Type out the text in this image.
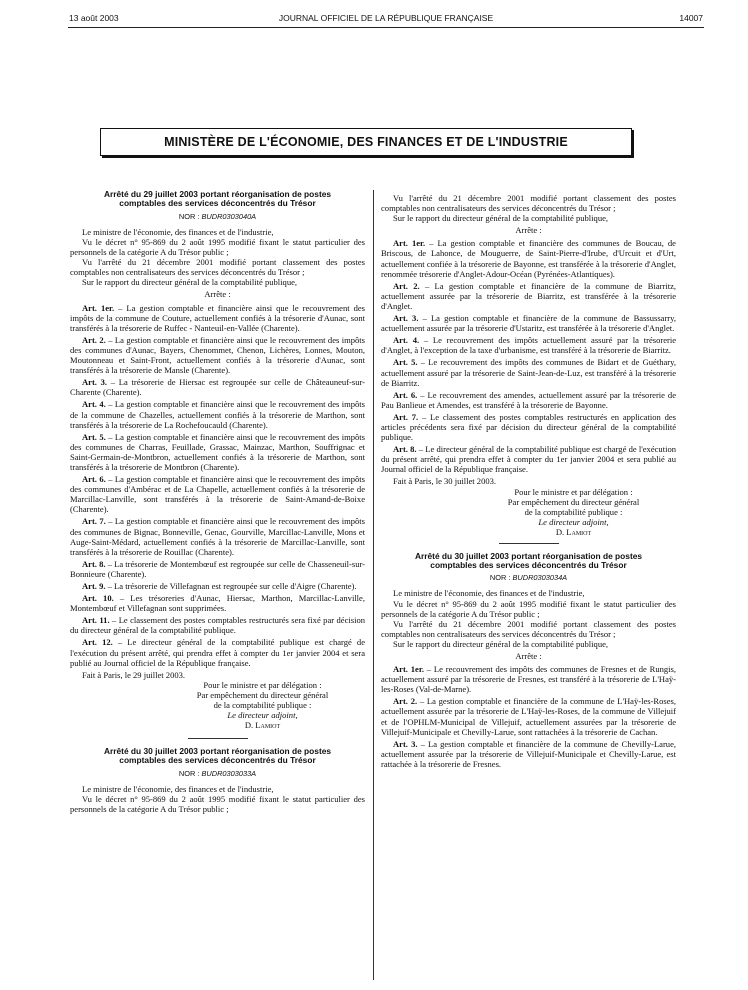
13 août 2003	JOURNAL OFFICIEL DE LA RÉPUBLIQUE FRANÇAISE	14007
MINISTÈRE DE L'ÉCONOMIE, DES FINANCES ET DE L'INDUSTRIE
Arrêté du 29 juillet 2003 portant réorganisation de postes comptables des services déconcentrés du Trésor
NOR : BUDR0303040A

Le ministre de l'économie, des finances et de l'industrie,

Vu le décret n° 95-869 du 2 août 1995 modifié fixant le statut particulier des personnels de la catégorie A du Trésor public ;

Vu l'arrêté du 21 décembre 2001 modifié portant classement des postes comptables non centralisateurs des services déconcentrés du Trésor ;

Sur le rapport du directeur général de la comptabilité publique,

Arrête :

Art. 1er. – La gestion comptable et financière ainsi que le recouvrement des impôts de la commune de Couture, actuellement confiés à la trésorerie d'Aunac, sont transférés à la trésorerie de Ruffec - Nanteuil-en-Vallée (Charente).

Art. 2. – La gestion comptable et financière ainsi que le recouvrement des impôts des communes d'Aunac, Bayers, Chenommet, Chenon, Lichères, Lonnes, Mouton, Moutonneau et Saint-Front, actuellement confiés à la trésorerie d'Aunac, sont transférés à la trésorerie de Mansle (Charente).

Art. 3. – La trésorerie de Hiersac est regroupée sur celle de Châteauneuf-sur-Charente (Charente).

Art. 4. – La gestion comptable et financière ainsi que le recouvrement des impôts de la commune de Chazelles, actuellement confiés à la trésorerie de Marthon, sont transférés à la trésorerie de La Rochefoucauld (Charente).

Art. 5. – La gestion comptable et financière ainsi que le recouvrement des impôts des communes de Charras, Feuillade, Grassac, Mainzac, Marthon, Souffrignac et Saint-Germain-de-Montbron, actuellement confiés à la trésorerie de Marthon, sont transférés à la trésorerie de Montbron (Charente).

Art. 6. – La gestion comptable et financière ainsi que le recouvrement des impôts des communes d'Ambérac et de La Chapelle, actuellement confiés à la trésorerie de Marcillac-Lanville, sont transférés à la trésorerie de Saint-Amand-de-Boixe (Charente).

Art. 7. – La gestion comptable et financière ainsi que le recouvrement des impôts des communes de Bignac, Bonneville, Genac, Gourville, Marcillac-Lanville, Mons et Auge-Saint-Médard, actuellement confiés à la trésorerie de Marcillac-Lanville, sont transférés à la trésorerie de Rouillac (Charente).

Art. 8. – La trésorerie de Montembœuf est regroupée sur celle de Chasseneuil-sur-Bonnieure (Charente).

Art. 9. – La trésorerie de Villefagnan est regroupée sur celle d'Aigre (Charente).

Art. 10. – Les trésoreries d'Aunac, Hiersac, Marthon, Marcillac-Lanville, Montembœuf et Villefagnan sont supprimées.

Art. 11. – Le classement des postes comptables restructurés sera fixé par décision du directeur général de la comptabilité publique.

Art. 12. – Le directeur général de la comptabilité publique est chargé de l'exécution du présent arrêté, qui prendra effet à compter du 1er janvier 2004 et sera publié au Journal officiel de la République française.

Fait à Paris, le 29 juillet 2003.

Pour le ministre et par délégation :

Par empêchement du directeur général

de la comptabilité publique :

Le directeur adjoint,

D. Lamiot

Arrêté du 30 juillet 2003 portant réorganisation de postes comptables des services déconcentrés du Trésor
NOR : BUDR0303033A

Le ministre de l'économie, des finances et de l'industrie,

Vu le décret n° 95-869 du 2 août 1995 modifié fixant le statut particulier des personnels de la catégorie A du Trésor public ;

Vu l'arrêté du 21 décembre 2001 modifié portant classement des postes comptables non centralisateurs des services déconcentrés du Trésor ;

Sur le rapport du directeur général de la comptabilité publique,

Arrête :

Art. 1er. – La gestion comptable et financière des communes de Boucau, de Briscous, de Lahonce, de Mouguerre, de Saint-Pierre-d'Irube, d'Urcuit et d'Urt, actuellement confiée à la trésorerie de Bayonne, est transférée à la trésorerie d'Anglet, renommée trésorerie d'Anglet-Adour-Océan (Pyrénées-Atlantiques).

Art. 2. – La gestion comptable et financière de la commune de Biarritz, actuellement assurée par la trésorerie de Biarritz, est transférée à la trésorerie d'Anglet.

Art. 3. – La gestion comptable et financière de la commune de Bassussarry, actuellement assurée par la trésorerie d'Ustaritz, est transférée à la trésorerie d'Anglet.

Art. 4. – Le recouvrement des impôts actuellement assuré par la trésorerie d'Anglet, à l'exception de la taxe d'urbanisme, est transféré à la trésorerie de Biarritz.

Art. 5. – Le recouvrement des impôts des communes de Bidart et de Guéthary, actuellement assuré par la trésorerie de Saint-Jean-de-Luz, est transféré à la trésorerie de Biarritz.

Art. 6. – Le recouvrement des amendes, actuellement assuré par la trésorerie de Pau Banlieue et Amendes, est transféré à la trésorerie de Bayonne.

Art. 7. – Le classement des postes comptables restructurés en application des articles précédents sera fixé par décision du directeur général de la comptabilité publique.

Art. 8. – Le directeur général de la comptabilité publique est chargé de l'exécution du présent arrêté, qui prendra effet à compter du 1er janvier 2004 et sera publié au Journal officiel de la République française.

Fait à Paris, le 30 juillet 2003.

Pour le ministre et par délégation :

Par empêchement du directeur général

de la comptabilité publique :

Le directeur adjoint,

D. Lamiot

Arrêté du 30 juillet 2003 portant réorganisation de postes comptables des services déconcentrés du Trésor
NOR : BUDR0303034A

Le ministre de l'économie, des finances et de l'industrie,

Vu le décret n° 95-869 du 2 août 1995 modifié fixant le statut particulier des personnels de la catégorie A du Trésor public ;

Vu l'arrêté du 21 décembre 2001 modifié portant classement des postes comptables non centralisateurs des services déconcentrés du Trésor ;

Sur le rapport du directeur général de la comptabilité publique,

Arrête :

Art. 1er. – Le recouvrement des impôts des communes de Fresnes et de Rungis, actuellement assuré par la trésorerie de Fresnes, est transféré à la trésorerie de L'Haÿ-les-Roses (Val-de-Marne).

Art. 2. – La gestion comptable et financière de la commune de L'Haÿ-les-Roses, actuellement assurée par la trésorerie de L'Haÿ-les-Roses, de la commune de Villejuif et de l'OPHLM-Municipal de Villejuif, actuellement assurées par la trésorerie de Villejuif-Municipale et Chevilly-Larue, sont rattachées à la trésorerie de Cachan.

Art. 3. – La gestion comptable et financière de la commune de Chevilly-Larue, actuellement assurée par la trésorerie de Villejuif-Municipale et Chevilly-Larue, est rattachée à la trésorerie de Fresnes.
